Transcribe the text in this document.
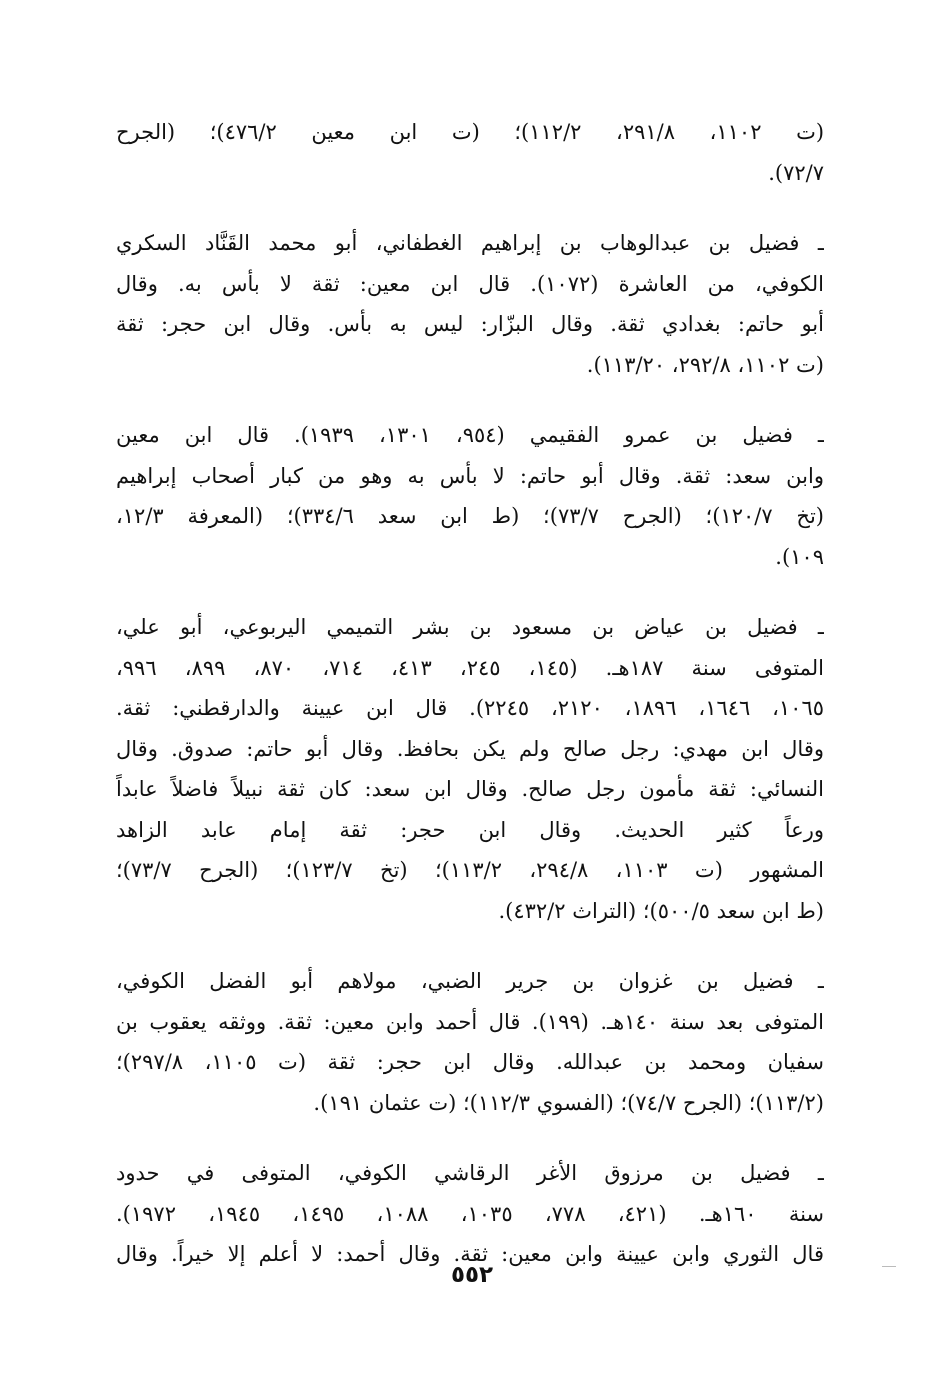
(ت ١١٠٢، ٢٩١/٨، ١١٢/٢)؛ (ت ابن معين ٤٧٦/٢)؛ (الجرح
٧٢/٧).
ـ فضيل بن عبدالوهاب بن إبراهيم الغطفاني، أبو محمد القَنَّاد السكري
الكوفي، من العاشرة (١٠٧٢). قال ابن معين: ثقة لا بأس به. وقال
أبو حاتم: بغدادي ثقة. وقال البزّار: ليس به بأس. وقال ابن حجر: ثقة
(ت ١١٠٢، ٢٩٢/٨، ١١٣/٢٠).
ـ فضيل بن عمرو الفقيمي (٩٥٤، ١٣٠١، ١٩٣٩). قال ابن معين
وابن سعد: ثقة. وقال أبو حاتم: لا بأس به وهو من كبار أصحاب إبراهيم
(تخ ١٢٠/٧)؛ (الجرح ٧٣/٧)؛ (ط ابن سعد ٣٣٤/٦)؛ (المعرفة ١٢/٣،
١٠٩).
ـ فضيل بن عياض بن مسعود بن بشر التميمي اليربوعي، أبو علي،
المتوفى سنة ١٨٧هـ. (١٤٥، ٢٤٥، ٤١٣، ٧١٤، ٨٧٠، ٨٩٩، ٩٩٦،
١٠٦٥، ١٦٤٦، ١٨٩٦، ٢١٢٠، ٢٢٤٥). قال ابن عيينة والدارقطني: ثقة.
وقال ابن مهدي: رجل صالح ولم يكن بحافظ. وقال أبو حاتم: صدوق. وقال
النسائي: ثقة مأمون رجل صالح. وقال ابن سعد: كان ثقة نبيلاً فاضلاً عابداً
ورعاً كثير الحديث. وقال ابن حجر: ثقة إمام عابد الزاهد
المشهور (ت ١١٠٣، ٢٩٤/٨، ١١٣/٢)؛ (تخ ١٢٣/٧)؛ (الجرح ٧٣/٧)؛
(ط ابن سعد ٥٠٠/٥)؛ (التراث ٤٣٢/٢).
ـ فضيل بن غزوان بن جرير الضبي، مولاهم أبو الفضل الكوفي،
المتوفى بعد سنة ١٤٠هـ. (١٩٩). قال أحمد وابن معين: ثقة. ووثقه يعقوب بن
سفيان ومحمد بن عبدالله. وقال ابن حجر: ثقة (ت ١١٠٥، ٢٩٧/٨)؛
(١١٣/٢)؛ (الجرح ٧٤/٧)؛ (الفسوي ١١٢/٣)؛ (ت عثمان ١٩١).
ـ فضيل بن مرزوق الأغر الرقاشي الكوفي، المتوفى في حدود
سنة ١٦٠هـ. (٤٢١، ٧٧٨، ١٠٣٥، ١٠٨٨، ١٤٩٥، ١٩٤٥، ١٩٧٢).
قال الثوري وابن عيينة وابن معين: ثقة. وقال أحمد: لا أعلم إلا خيراً. وقال
٥٥٢
